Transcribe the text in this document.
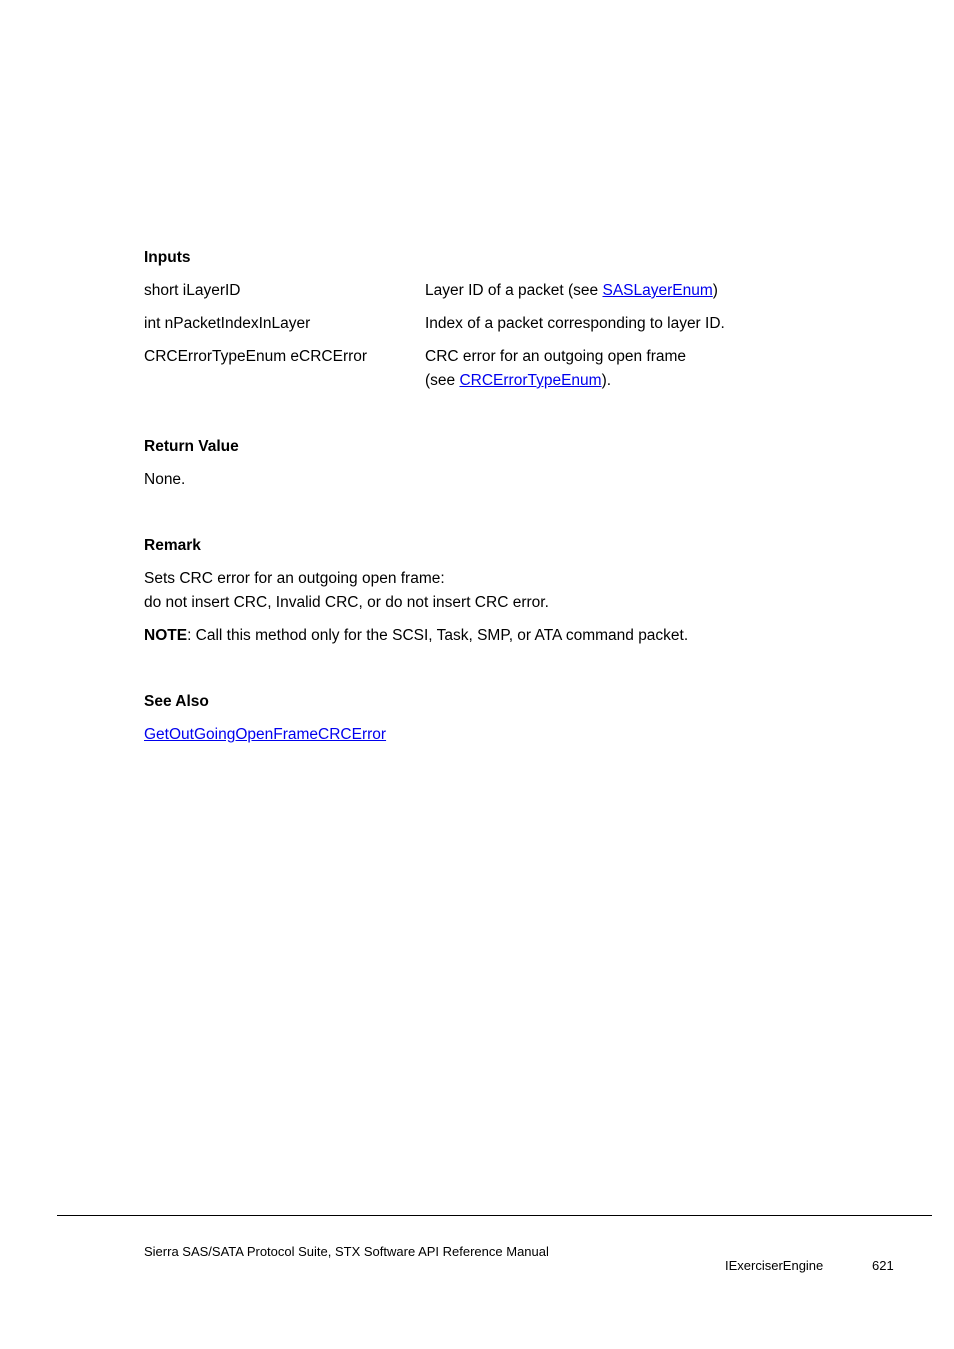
Inputs
short iLayerID	Layer ID of a packet (see SASLayerEnum)
int nPacketIndexInLayer	Index of a packet corresponding to layer ID.
CRCErrorTypeEnum eCRCError	CRC error for an outgoing open frame
(see CRCErrorTypeEnum).
Return Value
None.
Remark
Sets CRC error for an outgoing open frame:
do not insert CRC, Invalid CRC, or do not insert CRC error.
NOTE: Call this method only for the SCSI, Task, SMP, or ATA command packet.
See Also
GetOutGoingOpenFrameCRCError
Sierra SAS/SATA Protocol Suite, STX Software API Reference Manual
IExerciserEngine	621
